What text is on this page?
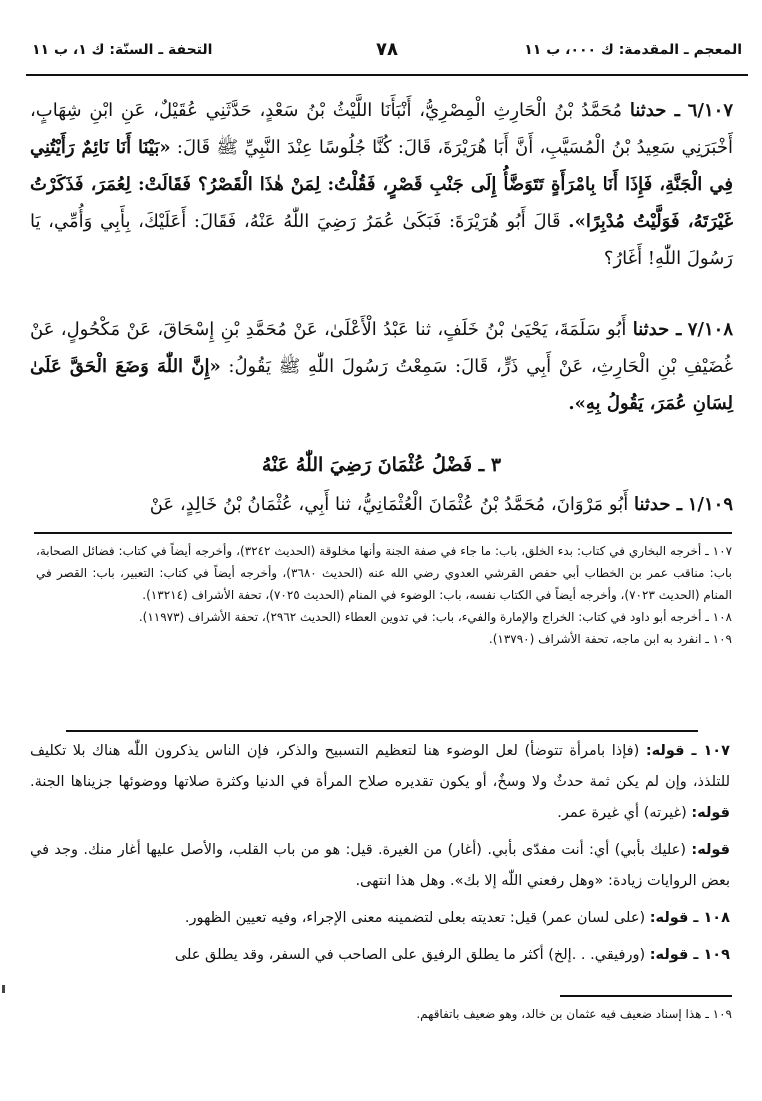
المعجم ـ المقدمة: ك ٠٠٠، ب ١١
٧٨
التحفة ـ السنّة: ك ١، ب ١١
٦/١٠٧ ـ حدثنا مُحَمَّدُ بْنُ الْحَارِثِ الْمِصْرِيُّ، أَنْبَأَنَا اللَّيْثُ بْنُ سَعْدٍ، حَدَّثَنِي عُقَيْلٌ، عَنِ ابْنِ شِهَابٍ، أَخْبَرَنِي سَعِيدُ بْنُ الْمُسَيَّبِ، أَنَّ أَبَا هُرَيْرَةَ، قَالَ: كُنَّا جُلُوسًا عِنْدَ النَّبِيِّ ﷺ قَالَ: «بَيْنَا أَنَا نَائِمٌ رَأَيْتُنِي فِي الْجَنَّةِ، فَإِذَا أَنَا بِامْرَأَةٍ تَتَوَضَّأُ إِلَى جَنْبِ قَصْرٍ، فَقُلْتُ: لِمَنْ هٰذَا الْقَصْرُ؟ فَقَالَتْ: لِعُمَرَ، فَذَكَرْتُ غَيْرَتَهُ، فَوَلَّيْتُ مُدْبِرًا». قَالَ أَبُو هُرَيْرَةَ: فَبَكَىٰ عُمَرُ رَضِيَ اللّٰهُ عَنْهُ، فَقَالَ: أَعَلَيْكَ، بِأَبِي وَأُمِّي، يَا رَسُولَ اللّٰهِ! أَغَارُ؟
٧/١٠٨ ـ حدثنا أَبُو سَلَمَةَ، يَحْيَىٰ بْنُ خَلَفٍ، ثنا عَبْدُ الْأَعْلَىٰ، عَنْ مُحَمَّدِ بْنِ إِسْحَاقَ، عَنْ مَكْحُولٍ، عَنْ غُضَيْفِ بْنِ الْحَارِثِ، عَنْ أَبِي ذَرٍّ، قَالَ: سَمِعْتُ رَسُولَ اللّٰهِ ﷺ يَقُولُ: «إِنَّ اللّٰهَ وَضَعَ الْحَقَّ عَلَىٰ لِسَانِ عُمَرَ، يَقُولُ بِهِ».
٣ ـ فَضْلُ عُثْمَانَ رَضِيَ اللّٰهُ عَنْهُ
١/١٠٩ ـ حدثنا أَبُو مَرْوَانَ، مُحَمَّدُ بْنُ عُثْمَانَ الْعُثْمَانِيُّ، ثنا أَبِي، عُثْمَانُ بْنُ خَالِدٍ، عَنْ

١٠٧ ـ أخرجه البخاري في كتاب: بدء الخلق، باب: ما جاء في صفة الجنة وأنها مخلوقة (الحديث ٣٢٤٢)، وأخرجه أيضاً في كتاب: فضائل الصحابة، باب: مناقب عمر بن الخطاب أبي حفص القرشي العدوي رضي الله عنه (الحديث ٣٦٨٠)، وأخرجه أيضاً في كتاب: التعبير، باب: القصر في المنام (الحديث ٧٠٢٣)، وأخرجه أيضاً في الكتاب نفسه، باب: الوضوء في المنام (الحديث ٧٠٢٥)، تحفة الأشراف (١٣٢١٤).

١٠٨ ـ أخرجه أبو داود في كتاب: الخراج والإمارة والفيء، باب: في تدوين العطاء (الحديث ٢٩٦٢)، تحفة الأشراف (١١٩٧٣).

١٠٩ ـ انفرد به ابن ماجه، تحفة الأشراف (١٣٧٩٠).

١٠٧ ـ قوله: (فإذا بامرأة تتوضأ) لعل الوضوء هنا لتعظيم التسبيح والذكر، فإن الناس يذكرون اللّٰه هناك بلا تكليف للتلذذ، وإن لم يكن ثمة حدثٌ ولا وسخٌ، أو يكون تقديره صلاح المرأة في الدنيا وكثرة صلاتها ووضوئها جزيناها الجنة. قوله: (غيرته) أي غيرة عمر.

قوله: (عليك بأبي) أي: أنت مفدّى بأبي. (أغار) من الغيرة. قيل: هو من باب القلب، والأصل عليها أغار منك. وجد في بعض الروايات زيادة: «وهل رفعني اللّٰه إلا بك». وهل هذا انتهى.

١٠٨ ـ قوله: (على لسان عمر) قيل: تعديته بعلى لتضمينه معنى الإجراء، وفيه تعيين الظهور.

١٠٩ ـ قوله: (ورفيقي. . .إلخ) أكثر ما يطلق الرفيق على الصاحب في السفر، وقد يطلق على

١٠٩ ـ هذا إسناد ضعيف فيه عثمان بن خالد، وهو ضعيف باتفاقهم.
